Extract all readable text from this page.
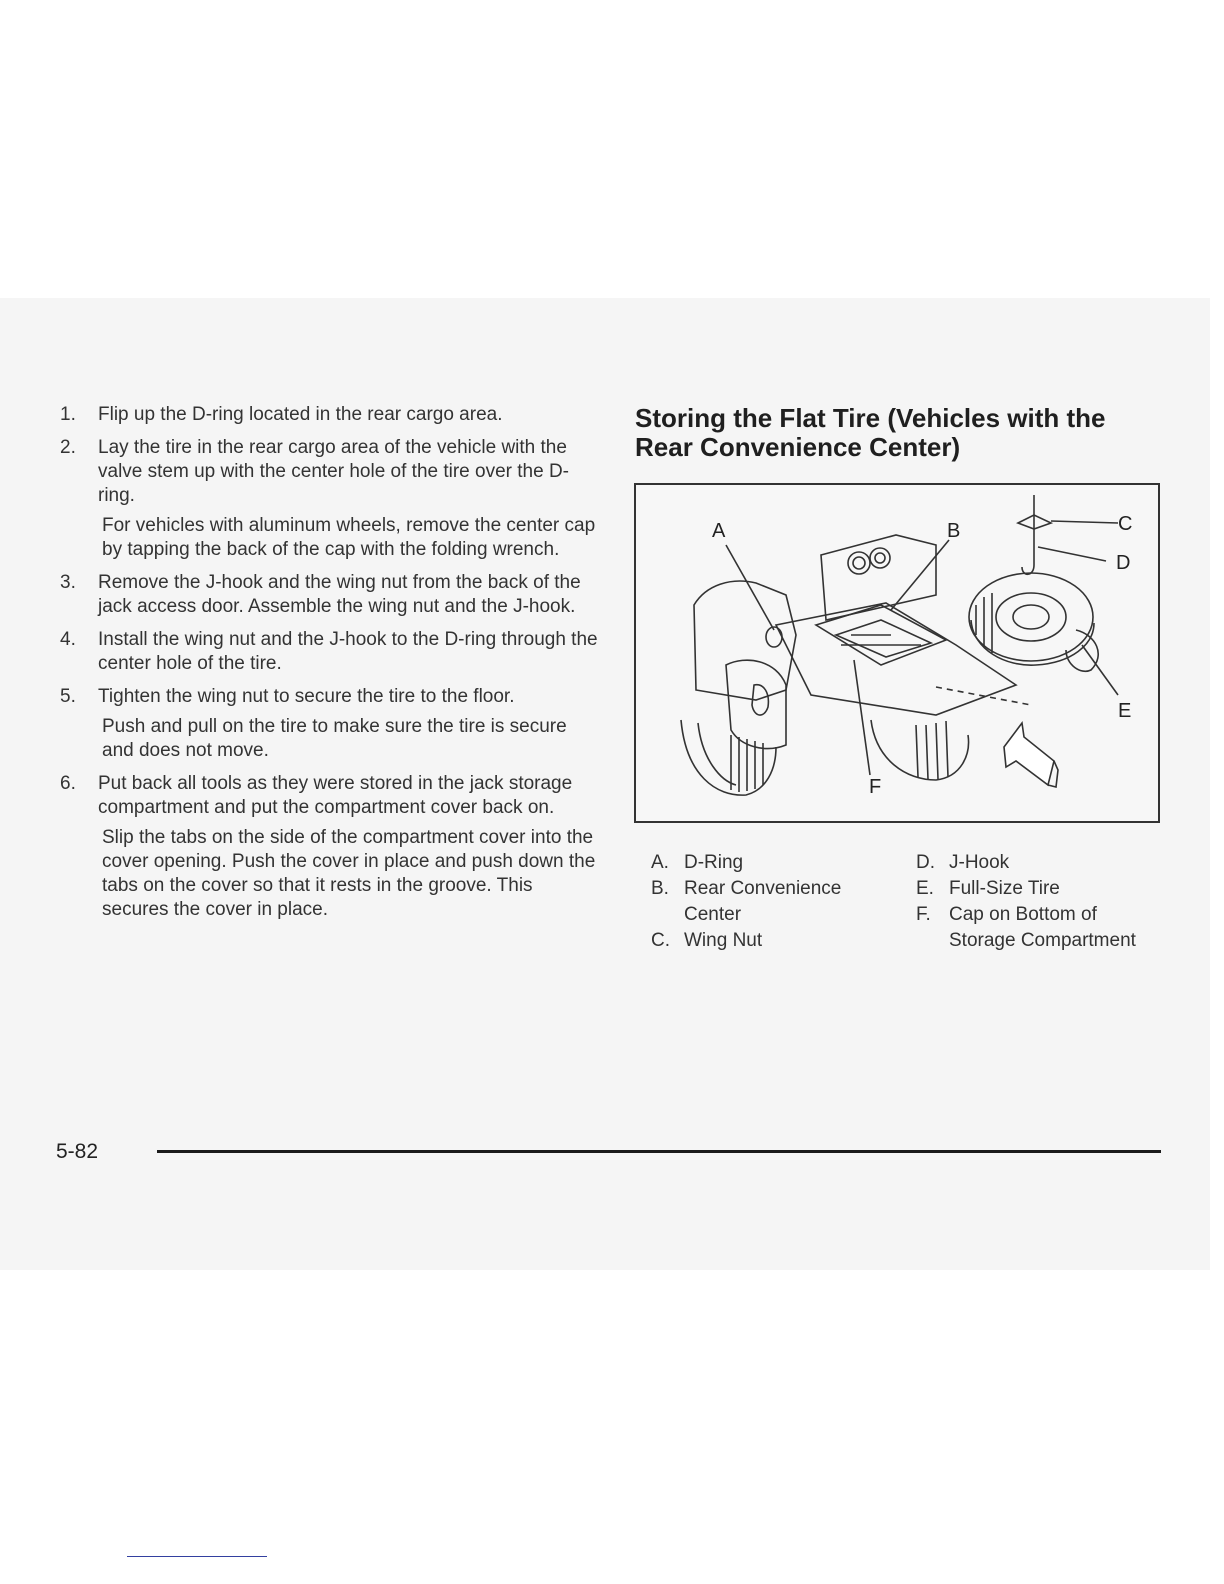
1.	Flip up the D-ring located in the rear cargo area.
2.	Lay the tire in the rear cargo area of the vehicle with the valve stem up with the center hole of the tire over the D-ring.
For vehicles with aluminum wheels, remove the center cap by tapping the back of the cap with the folding wrench.
3.	Remove the J-hook and the wing nut from the back of the jack access door. Assemble the wing nut and the J-hook.
4.	Install the wing nut and the J-hook to the D-ring through the center hole of the tire.
5.	Tighten the wing nut to secure the tire to the floor.
Push and pull on the tire to make sure the tire is secure and does not move.
6.	Put back all tools as they were stored in the jack storage compartment and put the compartment cover back on.
Slip the tabs on the side of the compartment cover into the cover opening. Push the cover in place and push down the tabs on the cover so that it rests in the groove. This secures the cover in place.
Storing the Flat Tire (Vehicles with the Rear Convenience Center)
A	B	C
D
E
F
A. D-Ring
B. Rear Convenience Center
C. Wing Nut
D. J-Hook
E. Full-Size Tire
F. Cap on Bottom of Storage Compartment
5-82
